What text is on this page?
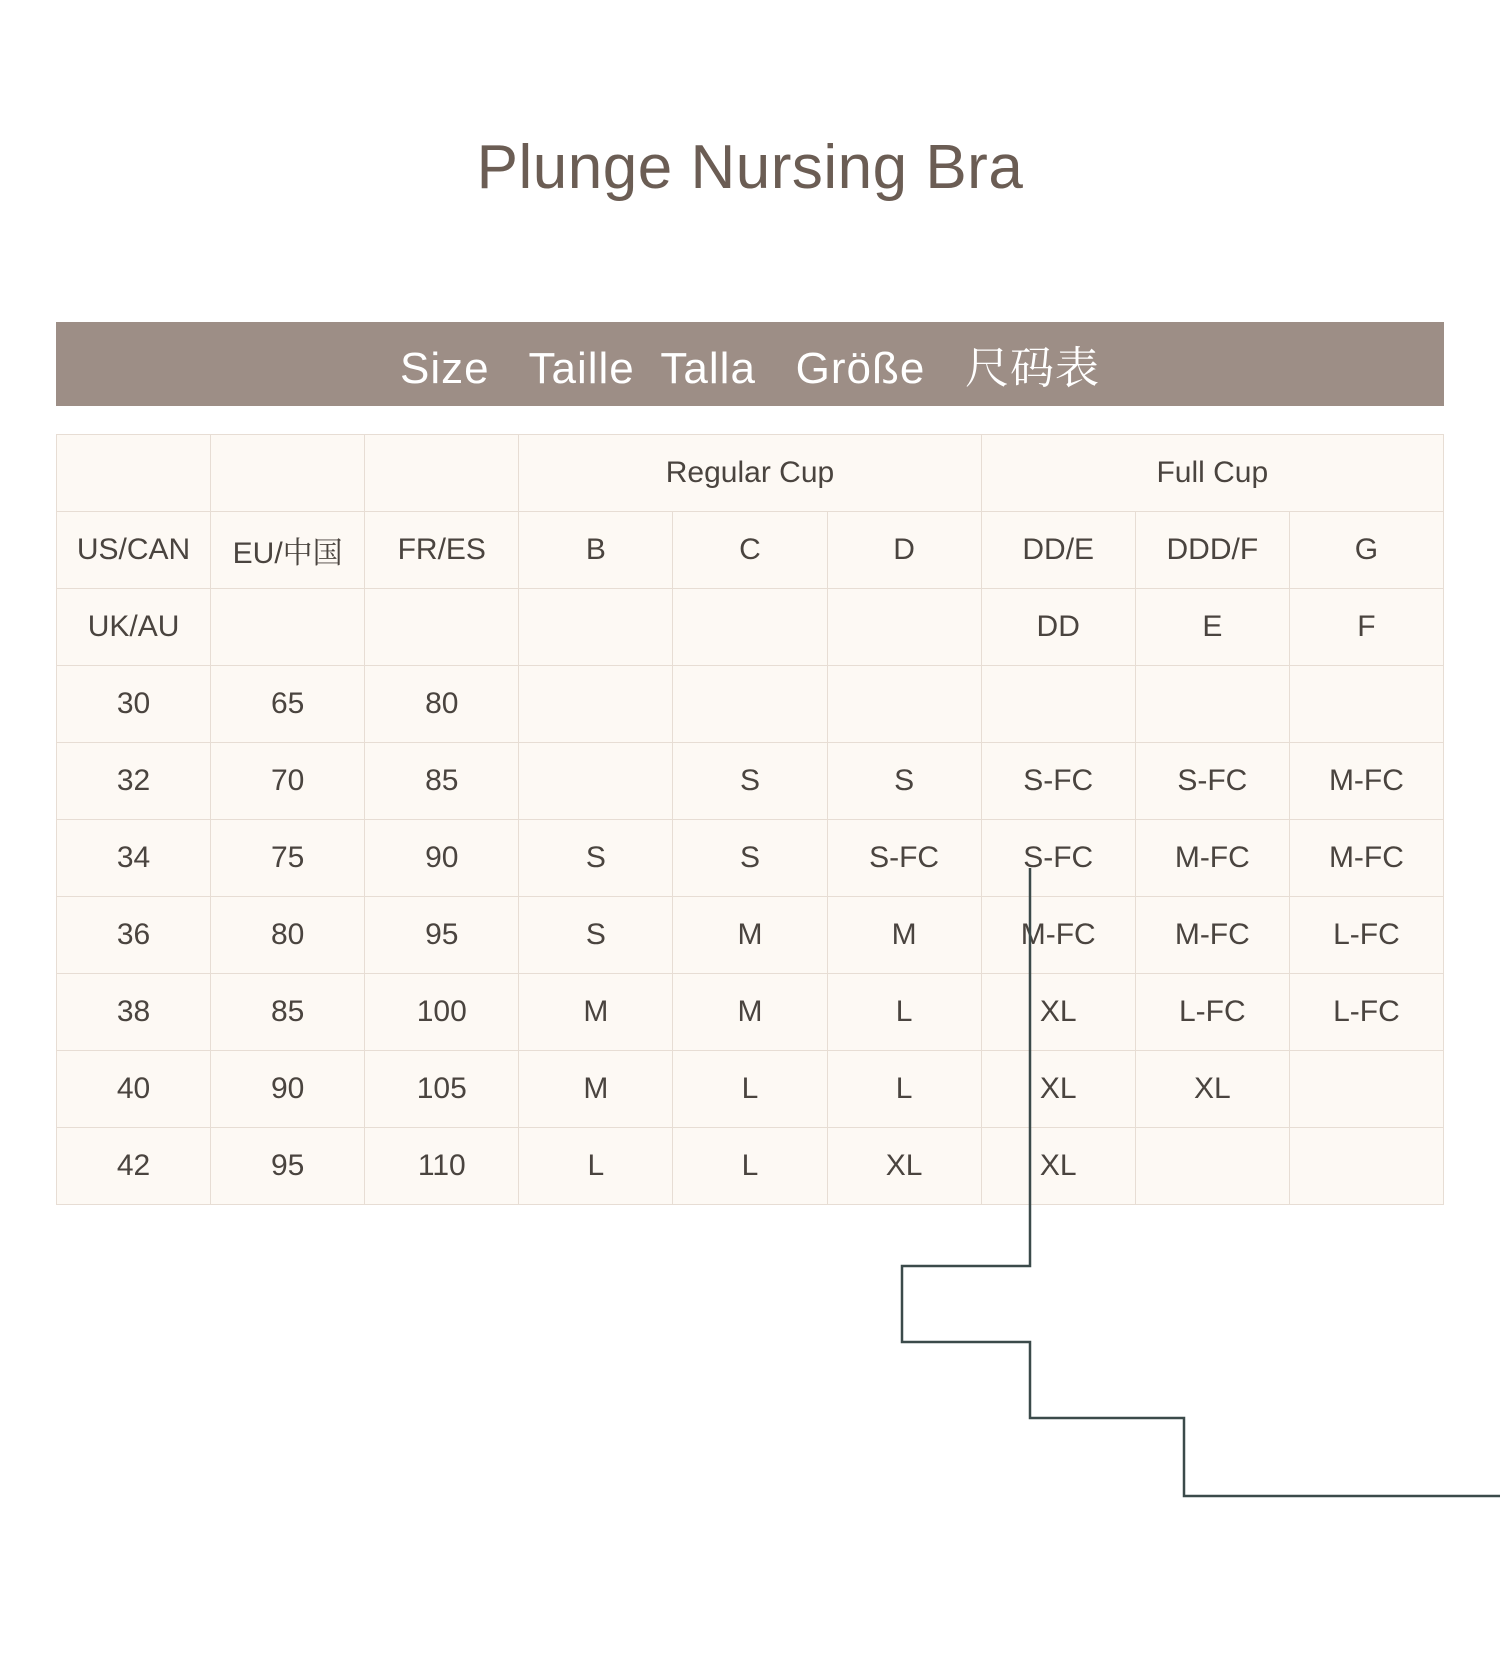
Plunge Nursing Bra
Size   Taille  Talla   Größe   尺码表
			Regular Cup			Full Cup		
US/CAN	EU/中国	FR/ES	B	C	D	DD/E	DDD/F	G
UK/AU						DD	E	F
30	65	80						
32	70	85		S	S	S-FC	S-FC	M-FC
34	75	90	S	S	S-FC	S-FC	M-FC	M-FC
36	80	95	S	M	M	M-FC	M-FC	L-FC
38	85	100	M	M	L	XL	L-FC	L-FC
40	90	105	M	L	L	XL	XL	
42	95	110	L	L	XL	XL		
